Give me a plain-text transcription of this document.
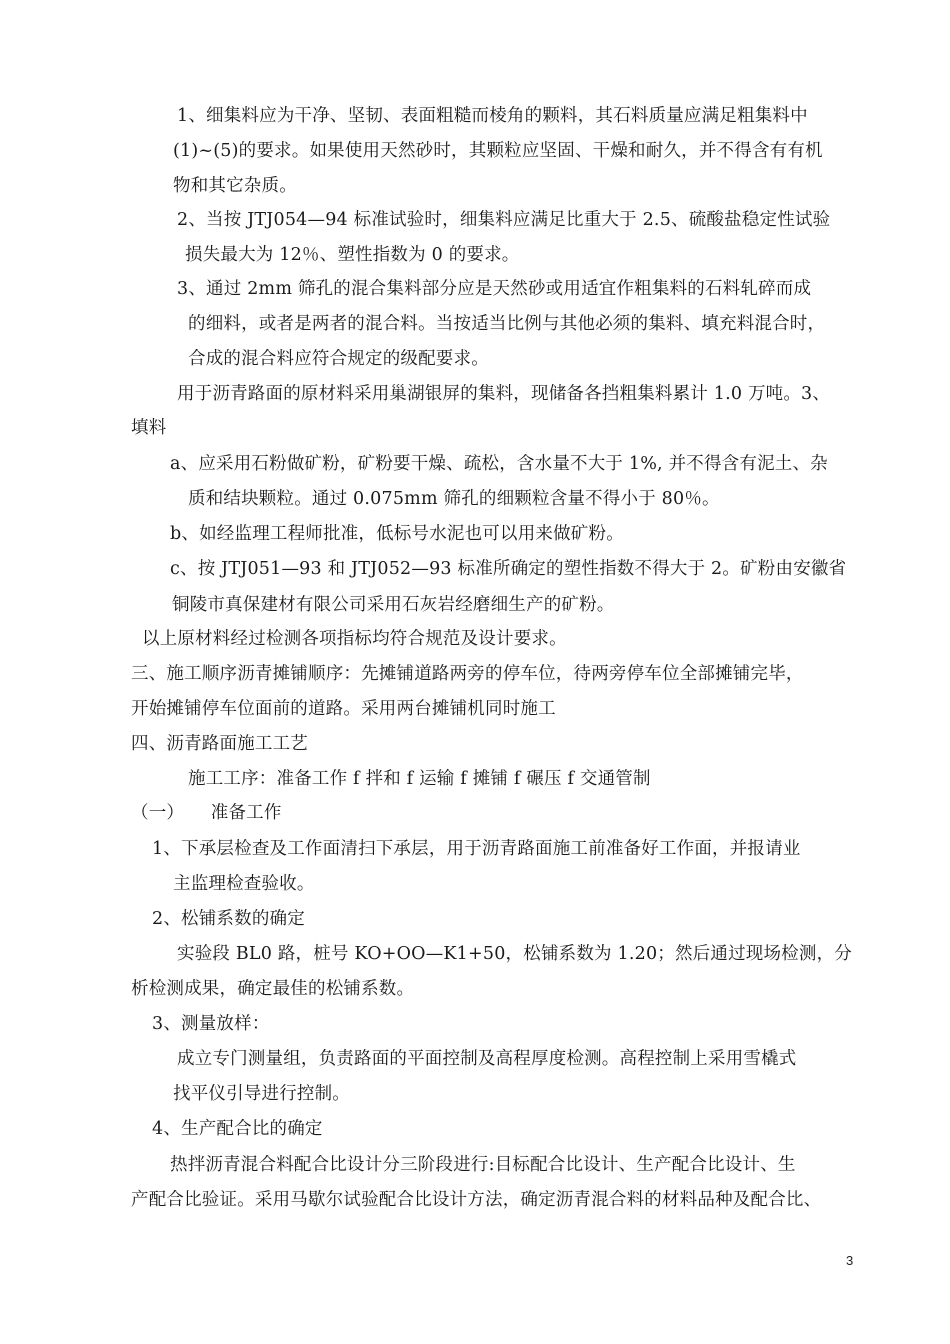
1、细集料应为干净、坚韧、表面粗糙而棱角的颗料，其石料质量应满足粗集料中
(1)~(5)的要求。如果使用天然砂时，其颗粒应坚固、干燥和耐久，并不得含有有机
物和其它杂质。
2、当按 JTJ054—94 标准试验时，细集料应满足比重大于 2.5、硫酸盐稳定性试验
损失最大为 12％、塑性指数为 0 的要求。
3、通过 2mm 筛孔的混合集料部分应是天然砂或用适宜作粗集料的石料轧碎而成
的细料，或者是两者的混合料。当按适当比例与其他必须的集料、填充料混合时，
合成的混合料应符合规定的级配要求。
用于沥青路面的原材料采用巢湖银屏的集料，现储备各挡粗集料累计 1.0 万吨。3、
填料
a、应采用石粉做矿粉，矿粉要干燥、疏松，含水量不大于 1%, 并不得含有泥土、杂
质和结块颗粒。通过 0.075mm 筛孔的细颗粒含量不得小于 80％。
b、如经监理工程师批准，低标号水泥也可以用来做矿粉。
c、按 JTJ051—93 和 JTJ052—93 标准所确定的塑性指数不得大于 2。矿粉由安徽省
铜陵市真保建材有限公司采用石灰岩经磨细生产的矿粉。
以上原材料经过检测各项指标均符合规范及设计要求。
三、施工顺序沥青摊铺顺序：先摊铺道路两旁的停车位，待两旁停车位全部摊铺完毕，
开始摊铺停车位面前的道路。采用两台摊铺机同时施工
四、沥青路面施工工艺
施工工序：准备工作 f 拌和 f 运输 f 摊铺 f 碾压 f 交通管制
（一）　　准备工作
1、下承层检查及工作面清扫下承层，用于沥青路面施工前准备好工作面，并报请业
主监理检查验收。
2、松铺系数的确定
实验段 BL0 路，桩号 KO+OO—K1+50，松铺系数为 1.20；然后通过现场检测，分
析检测成果，确定最佳的松铺系数。
3、测量放样：
成立专门测量组，负责路面的平面控制及高程厚度检测。高程控制上采用雪橇式
找平仪引导进行控制。
4、生产配合比的确定
热拌沥青混合料配合比设计分三阶段进行:目标配合比设计、生产配合比设计、生
产配合比验证。采用马歇尔试验配合比设计方法，确定沥青混合料的材料品种及配合比、
3
